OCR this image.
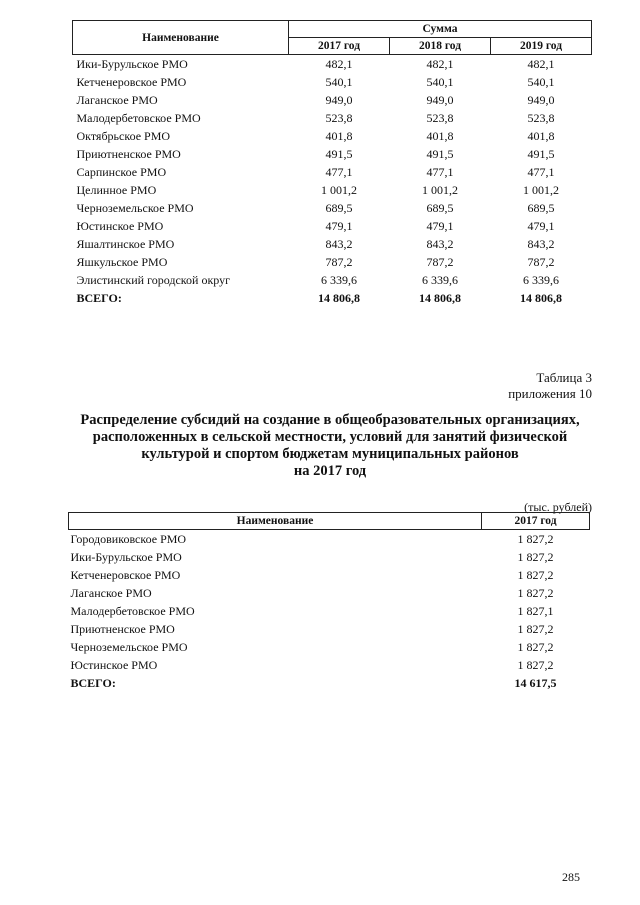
Наименование	Сумма		
	2017 год	2018 год	2019 год
Ики-Бурульское РМО	482,1	482,1	482,1
Кетченеровское РМО	540,1	540,1	540,1
Лаганское РМО	949,0	949,0	949,0
Малодербетовское РМО	523,8	523,8	523,8
Октябрьское РМО	401,8	401,8	401,8
Приютненское РМО	491,5	491,5	491,5
Сарпинское РМО	477,1	477,1	477,1
Целинное РМО	1 001,2	1 001,2	1 001,2
Черноземельское РМО	689,5	689,5	689,5
Юстинское РМО	479,1	479,1	479,1
Яшалтинское РМО	843,2	843,2	843,2
Яшкульское РМО	787,2	787,2	787,2
Элистинский городской округ	6 339,6	6 339,6	6 339,6
ВСЕГО:	14 806,8	14 806,8	14 806,8
Таблица 3
приложения 10
Распределение субсидий на создание в общеобразовательных организациях,
расположенных в сельской местности, условий для занятий физической
культурой и спортом бюджетам муниципальных районов
на 2017 год
(тыс. рублей)
Наименование	2017 год
Городовиковское РМО	1 827,2
Ики-Бурульское РМО	1 827,2
Кетченеровское РМО	1 827,2
Лаганское РМО	1 827,2
Малодербетовское РМО	1 827,1
Приютненское РМО	1 827,2
Черноземельское РМО	1 827,2
Юстинское РМО	1 827,2
ВСЕГО:	14 617,5
285
